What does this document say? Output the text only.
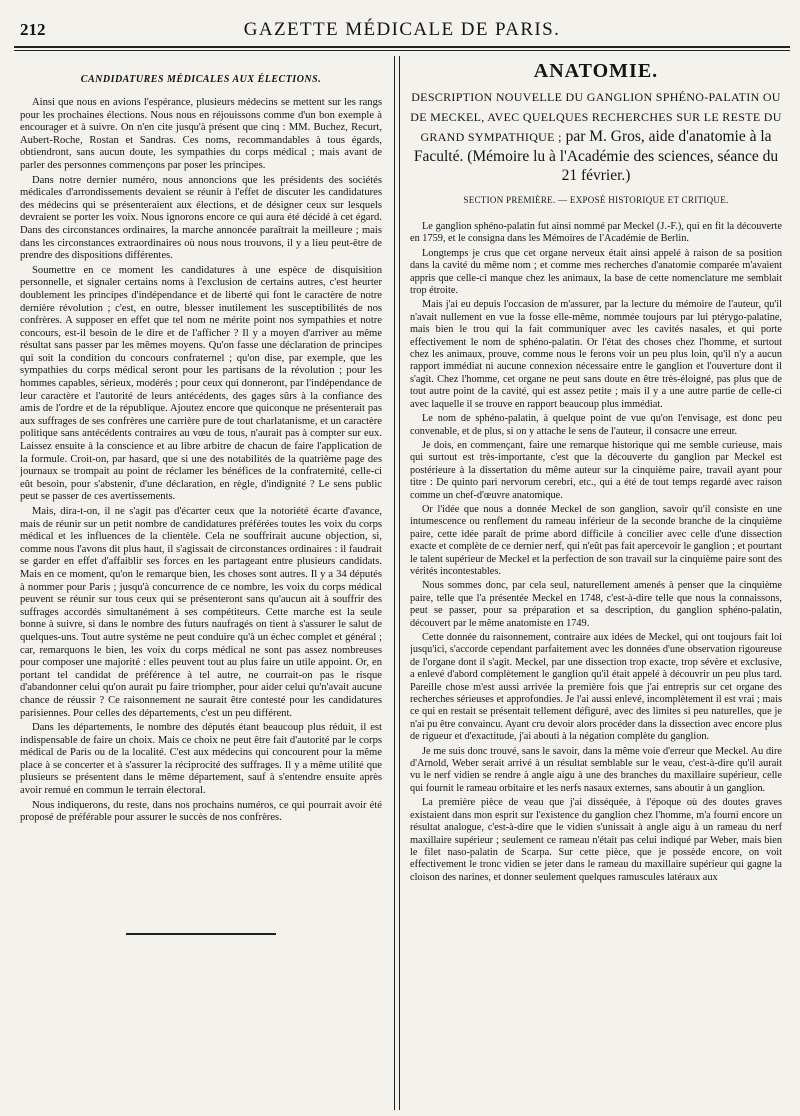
212	GAZETTE MÉDICALE DE PARIS.
CANDIDATURES MÉDICALES AUX ÉLECTIONS.

Ainsi que nous en avions l'espérance, plusieurs médecins se mettent sur les rangs pour les prochaines élections. Nous nous en réjouissons comme d'un bon exemple à encourager et à suivre. On n'en cite jusqu'à présent que cinq : MM. Buchez, Recurt, Aubert-Roche, Rostan et Sandras. Ces noms, recommandables à tous égards, obtiendront, sans aucun doute, les sympathies du corps médical ; mais avant de parler des personnes commençons par poser les principes.

Dans notre dernier numéro, nous annoncions que les présidents des sociétés médicales d'arrondissements devaient se réunir à l'effet de discuter les candidatures des médecins qui se présenteraient aux élections, et de désigner ceux sur lesquels devraient se porter les voix. Nous ignorons encore ce qui aura été décidé à cet égard. Dans des circonstances ordinaires, la marche annoncée paraîtrait la meilleure ; mais dans les circonstances extraordinaires où nous nous trouvons, il y a lieu peut-être de prendre des dispositions différentes.

Soumettre en ce moment les candidatures à une espèce de disquisition personnelle, et signaler certains noms à l'exclusion de certains autres, c'est heurter doublement les principes d'indépendance et de liberté qui font le caractère de notre dernière révolution ; c'est, en outre, blesser inutilement les susceptibilités de nos confrères. A supposer en effet que tel nom ne mérite point nos sympathies et notre concours, est-il besoin de le dire et de l'afficher ? Il y a moyen d'arriver au même résultat sans passer par les mêmes moyens. Qu'on fasse une déclaration de principes qui soit la condition du concours confraternel ; qu'on dise, par exemple, que les sympathies du corps médical seront pour les partisans de la révolution ; pour les hommes capables, sérieux, modérés ; pour ceux qui donneront, par l'indépendance de leur caractère et l'autorité de leurs antécédents, des gages sûrs à la confiance des amis de l'ordre et de la république. Ajoutez encore que quiconque ne présenterait pas aux suffrages de ses confrères une carrière pure de tout charlatanisme, et un caractère politique sans antécédents contraires au vœu de tous, n'aurait pas à compter sur eux. Laissez ensuite à la conscience et au libre arbitre de chacun de faire l'application de la formule. Croit-on, par hasard, que si une des notabilités de la quatrième page des journaux se trompait au point de réclamer les bénéfices de la confraternité, celle-ci eût besoin, pour s'abstenir, d'une déclaration, en règle, d'indignité ? Le sens public peut se passer de ces avertissements.

Mais, dira-t-on, il ne s'agit pas d'écarter ceux que la notoriété écarte d'avance, mais de réunir sur un petit nombre de candidatures préférées toutes les voix du corps médical et les influences de la clientèle. Cela ne souffrirait aucune objection, si, comme nous l'avons dit plus haut, il s'agissait de circonstances ordinaires : il faudrait se garder en effet d'affaiblir ses forces en les partageant entre plusieurs candidats. Mais en ce moment, qu'on le remarque bien, les choses sont autres. Il y a 34 députés à nommer pour Paris ; jusqu'à concurrence de ce nombre, les voix du corps médical peuvent se réunir sur tous ceux qui se présenteront sans qu'aucun ait à souffrir des suffrages accordés simultanément à ses compétiteurs. Cette marche est la seule bonne à suivre, si dans le nombre des futurs naufragés on tient à s'assurer le salut de quelques-uns. Tout autre système ne peut conduire qu'à un échec complet et général ; car, remarquons le bien, les voix du corps médical ne sont pas assez nombreuses pour composer une majorité : elles peuvent tout au plus faire un utile appoint. Or, en portant tel candidat de préférence à tel autre, ne courrait-on pas le risque d'abandonner celui qu'on aurait pu faire triompher, pour aider celui qu'n'avait aucune chance de réussir ? Ce raisonnement ne saurait être contesté pour les candidatures parisiennes. Pour celles des départements, c'est un peu différent.

Dans les départements, le nombre des députés étant beaucoup plus réduit, il est indispensable de faire un choix. Mais ce choix ne peut être fait d'autorité par le corps médical de Paris ou de la localité. C'est aux médecins qui concourent pour la même place à se concerter et à s'assurer la réciprocité des suffrages. Il y a même utilité que plusieurs se présentent dans le même département, sauf à s'entendre ensuite après avoir remué en commun le terrain électoral.

Nous indiquerons, du reste, dans nos prochains numéros, ce qui pourrait avoir été proposé de préférable pour assurer le succès de nos confrères.

ANATOMIE.
DESCRIPTION NOUVELLE DU GANGLION SPHÉNO-PALATIN OU DE MECKEL, AVEC QUELQUES RECHERCHES SUR LE RESTE DU GRAND SYMPATHIQUE ; par M. Gros, aide d'anatomie à la Faculté. (Mémoire lu à l'Académie des sciences, séance du 21 février.)
SECTION PREMIÈRE. — EXPOSÉ HISTORIQUE ET CRITIQUE.

Le ganglion sphéno-palatin fut ainsi nommé par Meckel (J.-F.), qui en fit la découverte en 1759, et le consigna dans les Mémoires de l'Académie de Berlin.

Longtemps je crus que cet organe nerveux était ainsi appelé à raison de sa position dans la cavité du même nom ; et comme mes recherches d'anatomie comparée m'avaient appris que celle-ci manque chez les animaux, la base de cette nomenclature me semblait trop étroite.

Mais j'ai eu depuis l'occasion de m'assurer, par la lecture du mémoire de l'auteur, qu'il n'avait nullement en vue la fosse elle-même, nommée toujours par lui ptérygo-palatine, mais bien le trou qui la fait communiquer avec les cavités nasales, et qui porte effectivement le nom de sphéno-palatin. Or l'état des choses chez l'homme, et surtout chez les animaux, prouve, comme nous le ferons voir un peu plus loin, qu'il n'y a aucun rapport immédiat ni aucune connexion nécessaire entre le ganglion et l'ouverture dont il s'agit. Chez l'homme, cet organe ne peut sans doute en être très-éloigné, pas plus que de tout autre point de la cavité, qui est assez petite ; mais il y a une autre partie de celle-ci avec laquelle il se trouve en rapport beaucoup plus immédiat.

Le nom de sphéno-palatin, à quelque point de vue qu'on l'envisage, est donc peu convenable, et de plus, si on y attache le sens de l'auteur, il consacre une erreur.

Je dois, en commençant, faire une remarque historique qui me semble curieuse, mais qui surtout est très-importante, c'est que la découverte du ganglion par Meckel est postérieure à la dissertation du même auteur sur la cinquième paire, travail ayant pour titre : De quinto pari nervorum cerebri, etc., qui a été de tout temps regardé avec raison comme un chef-d'œuvre anatomique.

Or l'idée que nous a donnée Meckel de son ganglion, savoir qu'il consiste en une intumescence ou renflement du rameau inférieur de la seconde branche de la cinquième paire, cette idée paraît de prime abord difficile à concilier avec celle d'une dissection exacte et complète de ce dernier nerf, qui n'eût pas fait apercevoir le ganglion ; et pourtant le talent supérieur de Meckel et la perfection de son travail sur la cinquième paire sont des vérités incontestables.

Nous sommes donc, par cela seul, naturellement amenés à penser que la cinquième paire, telle que l'a présentée Meckel en 1748, c'est-à-dire telle que nous la connaissons, peut se passer, pour sa préparation et sa description, du ganglion sphéno-palatin, découvert par le même anatomiste en 1749.

Cette donnée du raisonnement, contraire aux idées de Meckel, qui ont toujours fait loi jusqu'ici, s'accorde cependant parfaitement avec les données d'une observation rigoureuse de l'organe dont il s'agit. Meckel, par une dissection trop exacte, trop sévère et exclusive, a enlevé d'abord complètement le ganglion qu'il était appelé à découvrir un peu plus tard. Pareille chose m'est aussi arrivée la première fois que j'ai entrepris sur cet organe des recherches sérieuses et approfondies. Je l'ai aussi enlevé, incomplètement il est vrai ; mais ce qui en restait se présentait tellement défiguré, avec des limites si peu naturelles, que je n'ai pu être convaincu. Ayant cru devoir alors procéder dans la dissection avec encore plus de rigueur et d'exactitude, j'ai abouti à la négation complète du ganglion.

Je me suis donc trouvé, sans le savoir, dans la même voie d'erreur que Meckel. Au dire d'Arnold, Weber serait arrivé à un résultat semblable sur le veau, c'est-à-dire qu'il aurait vu le nerf vidien se rendre à angle aigu à une des branches du maxillaire supérieur, celle qui fournit le rameau orbitaire et les nerfs nasaux externes, sans aboutir à un ganglion.

La première pièce de veau que j'ai disséquée, à l'époque où des doutes graves existaient dans mon esprit sur l'existence du ganglion chez l'homme, m'a fourni encore un résultat analogue, c'est-à-dire que le vidien s'unissait à angle aigu à un rameau du nerf maxillaire supérieur ; seulement ce rameau n'était pas celui indiqué par Weber, mais bien le filet naso-palatin de Scarpa. Sur cette pièce, que je possède encore, on voit effectivement le tronc vidien se jeter dans le rameau du maxillaire supérieur qui gagne la cloison des narines, et donner seulement quelques ramuscules latéraux aux
